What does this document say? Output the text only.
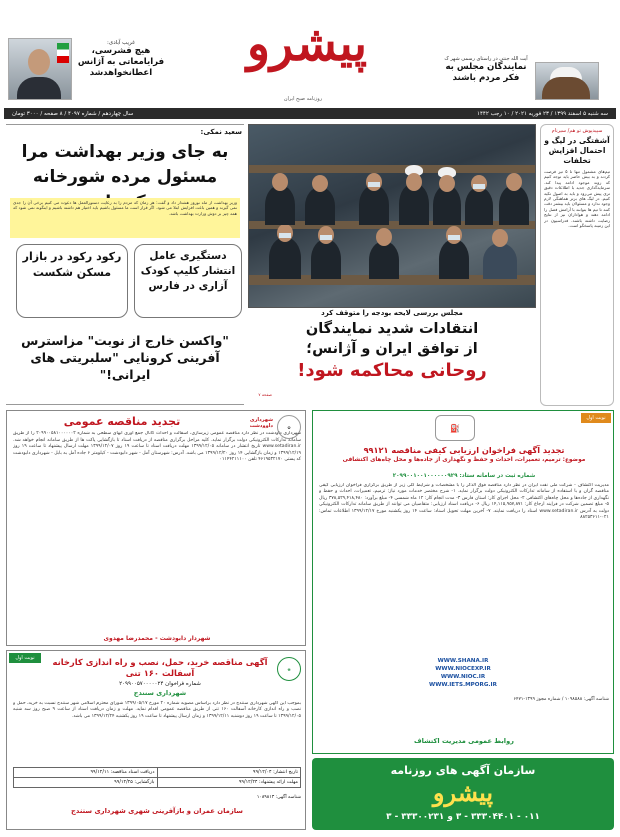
غریب آبادی:
هیچ فشرسی، فرایامعاتی به آژانس اعطانخواهدشد
پیشرو
روزنامه صبح ایران
آیت الله جنتی در راستای رسمی شهر ک
نمایندگان مجلس به فکر مردم باشند
سه شنبه ۵ اسفند ۱۳۹۹ / ۲۳ فوریه ۲۰۲۱ / ۱۰ رجب ۱۴۴۲
سال چهاردهم / شماره ۴۰۹۷ / ۸ صفحه / ۳۰۰۰ تومان
سپیدپوش تو هم/ سیرنام
آشفتگی در لیگ و احتمال افزایش تخلفات
تیم‌های مشمول تنها تا ۵ تیر فرصت کردند و به بیش حاضر باید توجه کنیم که روند موجود ادامه پیدا کند. سرمایه‌گذاری جدید با اطلاعات دقیق تری پیش می‌رود و باید به اصول تکیه کنیم. در لیگ های برتر هماهنگی لازم وجود ندارد و مسئولان باید بیشتر دقت کنند تا تیم ها بتوانند با آرامش فصل را ادامه دهند و هواداران نیز از نتایج رضایت داشته باشند. فدراسیون در این زمینه پاسخگو است.
مجلس بررسی لایحه بودجه را متوقف کرد
انتقادات شدید نمایندگان
از توافق ایران و آژانس؛
روحانی محاکمه شود!
صفحه ۷
سعید نمکی:
به جای وزیر بهداشت مرا مسئول مرده شورخانه
وزیر بهداشت از ماه نوروز هشدار داد و گفت: هر زمان که مردم را به رعایت دستورالعمل ها دعوت می کنیم برخی آن را جدی نمی گیرند و همین باعث افزایش ابتلا می شود. اگر قرار است ما مسئول باشیم باید اختیار هم داشته باشیم و اینگونه نمی شود که همه چیز بر دوش وزارت بهداشت باشد.
دستگیری عامل انتشار کلیپ کودک آزاری در فارس
رکود رکود در بازار مسکن شکست
"واکسن خارج از نوبت" مزاسترس آفرینی کرونایی "سلبریتی های ایرانی!"
✿
شهرداری داوودشت
تجدید مناقصه عمومی
شهرداری داودشت در نظر دارد مناقصه عمومی زیرسازی، آسفالت و احداث کانال جمع آوری آبهای سطحی به شماره ۲۰۹۹۰۰۵۸۱۰۰۰۰۰۰۲ را از طریق سامانه تدارکات الکترونیکی دولت برگزار نماید. کلیه مراحل برگزاری مناقصه از دریافت اسناد تا بازگشایی پاکت ها از طریق سامانه انجام خواهد شد. www.setadiran.ir تاریخ انتشار در سامانه ۱۳۹۹/۱۲/۰۵ مهلت دریافت اسناد تا ساعت ۱۹ روز ۱۳۹۹/۱۲/۰۷ مهلت ارسال پیشنهاد تا ساعت ۱۹ روز ۱۳۹۹/۱۲/۱۹ و زمان بازگشایی ۱۴ روز ۱۳۹۹/۱۲/۲۰ می باشد. آدرس: شهرستان آمل - شهر دابودشت - کیلومتر ۶ جاده آمل به بابل - شهرداری دابودشت کد پستی ۴۶۱۹۵۳۲۱۷۰ تلفن ۰۱۱۴۴۲۱۱۱۰۰
شهردار دابودشت - محمدرضا مهدوی
نوبت اول
❀
آگهی مناقصه خرید، حمل، نصب و راه اندازی کارخانه آسفالت ۱۶۰ تنی
شماره فراخوان ۲۰۹۹۰۰۵۷۰۰۰۰۰۲۴
شهرداری سنندج
بموجب این آگهی شهرداری سنندج در نظر دارد براساس مصوبه شماره ۲۰ مورخ ۱۳۹۹/۰۵/۱۷ شورای محترم اسلامی شهر سنندج نسبت به خرید، حمل و نصب و راه اندازی کارخانه آسفالت ۱۶۰ تنی از طریق مناقصه عمومی اقدام نماید. مهلت و زمان دریافت اسناد از ساعت ۹ صبح روز سه شنبه ۱۳۹۹/۱۲/۰۵ تا ساعت ۱۹ روز دوشنبه ۱۳۹۹/۱۲/۱۱ و زمان ارسال پیشنهاد تا ساعت ۱۹ روز یکشنبه ۱۳۹۹/۱۲/۲۴ می باشد.
تاریخ انتشار: ۹۹/۱۲/۰۴
دریافت اسناد مناقصه: ۹۹/۱۲/۱۱
مهلت ارائه پیشنهاد: ۹۹/۱۲/۲۴
بازگشایی: ۹۹/۱۲/۲۵
شناسه آگهی: ۱۰۸۹۸۱۳
سازمان عمران و بازآفرینی شهری شهرداری سنندج
نوبت اول
⛽
تجدید آگهی فراخوان ارزیابی کیفی مناقصه ۹۹۱۲۱
موضوع: ترمیم، تعمیرات، احداث و حفظ و نگهداری از جاده‌ها و محل چاه‌های اکتشافی
شماره ثبت در سامانه ستاد: ۲۰۹۹۰۰۱۰۰۱۰۰۰۰۰۰۹۲۹
مدیریت اکتشاف - شرکت ملی نفت ایران در نظر دارد مناقصه فوق الذکر را با مشخصات و شرایط کلی زیر از طریق برگزاری فراخوان ارزیابی کیفی مناقصه گران و با استفاده از سامانه تدارکات الکترونیکی دولت برگزار نماید. ۱- شرح مختصر خدمات مورد نیاز: ترمیم، تعمیرات، احداث و حفظ و نگهداری از جاده‌ها و محل چاه‌های اکتشافی ۲- محل اجرای کار: استان فارس ۳- مدت انجام کار: ۱۲ ماه شمسی ۴- مبلغ برآورد: ۳۷۸,۵۲۹,۴۱۸,۴۸۰ ریال ۵- مبلغ تضمین شرکت در فرایند ارجاع کار: ۱۴,۱۱۵,۹۵۷,۸۷۱ ریال ۶- دریافت اسناد ارزیابی: متقاضیان می توانند از طریق سامانه تدارکات الکترونیکی دولت به آدرس www.setadiran.ir اسناد را دریافت نمایند. ۷- آخرین مهلت تحویل اسناد: ساعت ۱۴ روز یکشنبه مورخ ۱۳۹۹/۱۲/۱۷ اطلاعات تماس: ۰۲۱-۸۸۲۵۳۶۱۱
WWW.SHANA.IR
WWW.NIOCEXP.IR
WWW.NIOC.IR
WWW.IETS.MPORG.IR
شناسه آگهی: ۱۰۹۸۵۸۸ / شماره مجوز ۱۳۹۹-۶۴۷۱
روابط عمومی مدیریت اکتشاف
سازمان آگهی های روزنامه
پیشرو
۰۱۱ - ۳۳۳۰۴۴۰۱ - ۳ و ۳۳۳۰۰۲۳۱ - ۳
